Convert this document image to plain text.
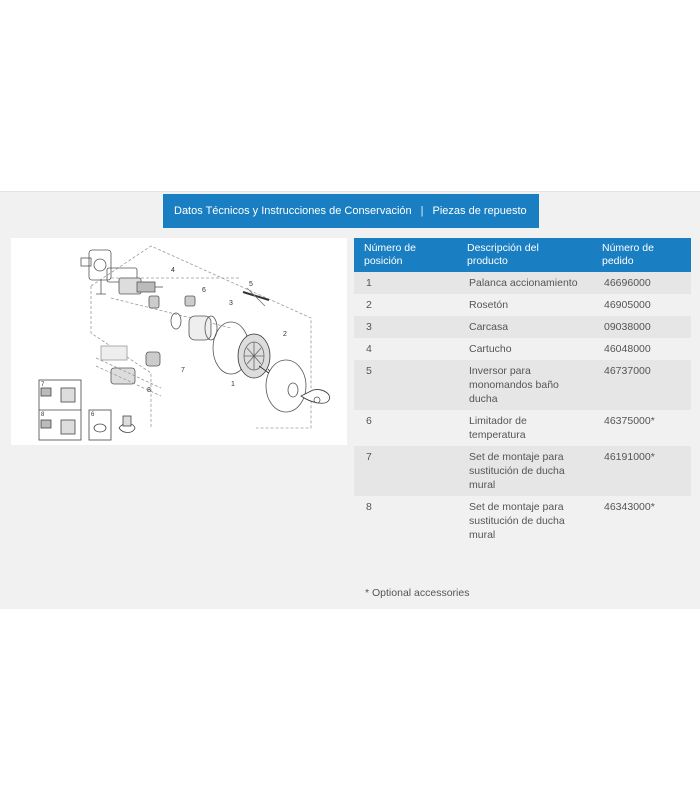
Datos Técnicos y Instrucciones de Conservación | Piezas de repuesto
1
2
3
4
5
6
7
8
7
8	6
Número de posición	Descripción del producto	Número de pedido
1	Palanca accionamiento	46696000
2	Rosetón	46905000
3	Carcasa	09038000
4	Cartucho	46048000
5	Inversor para monomandos baño ducha	46737000
6	Limitador de temperatura	46375000*
7	Set de montaje para sustitución de ducha mural	46191000*
8	Set de montaje para sustitución de ducha mural	46343000*
* Optional accessories
